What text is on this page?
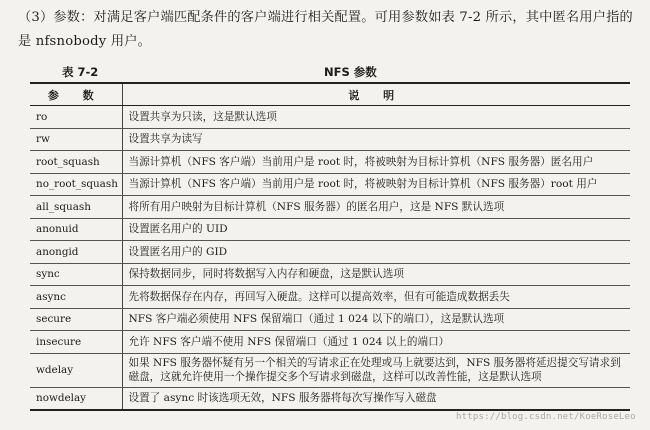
（3）参数：对满足客户端匹配条件的客户端进行相关配置。可用参数如表 7-2 所示，其中匿名用户指的是 nfsnobody 用户。
表 7-2	NFS 参数
参 数	说 明
ro	设置共享为只读，这是默认选项
rw	设置共享为读写
root_squash	当源计算机（NFS 客户端）当前用户是 root 时，将被映射为目标计算机（NFS 服务器）匿名用户
no_root_squash	当源计算机（NFS 客户端）当前用户是 root 时，将被映射为目标计算机（NFS 服务器）root 用户
all_squash	将所有用户映射为目标计算机（NFS 服务器）的匿名用户，这是 NFS 默认选项
anonuid	设置匿名用户的 UID
anongid	设置匿名用户的 GID
sync	保持数据同步，同时将数据写入内存和硬盘，这是默认选项
async	先将数据保存在内存，再回写入硬盘。这样可以提高效率，但有可能造成数据丢失
secure	NFS 客户端必须使用 NFS 保留端口（通过 1 024 以下的端口），这是默认选项
insecure	允许 NFS 客户端不使用 NFS 保留端口（通过 1 024 以上的端口）
wdelay	如果 NFS 服务器怀疑有另一个相关的写请求正在处理或马上就要达到，NFS 服务器将延迟提交写请求到磁盘，这就允许使用一个操作提交多个写请求到磁盘，这样可以改善性能，这是默认选项
nowdelay	设置了 async 时该选项无效，NFS 服务器将每次写操作写入磁盘
https://blog.csdn.net/KoeRoseLeo
